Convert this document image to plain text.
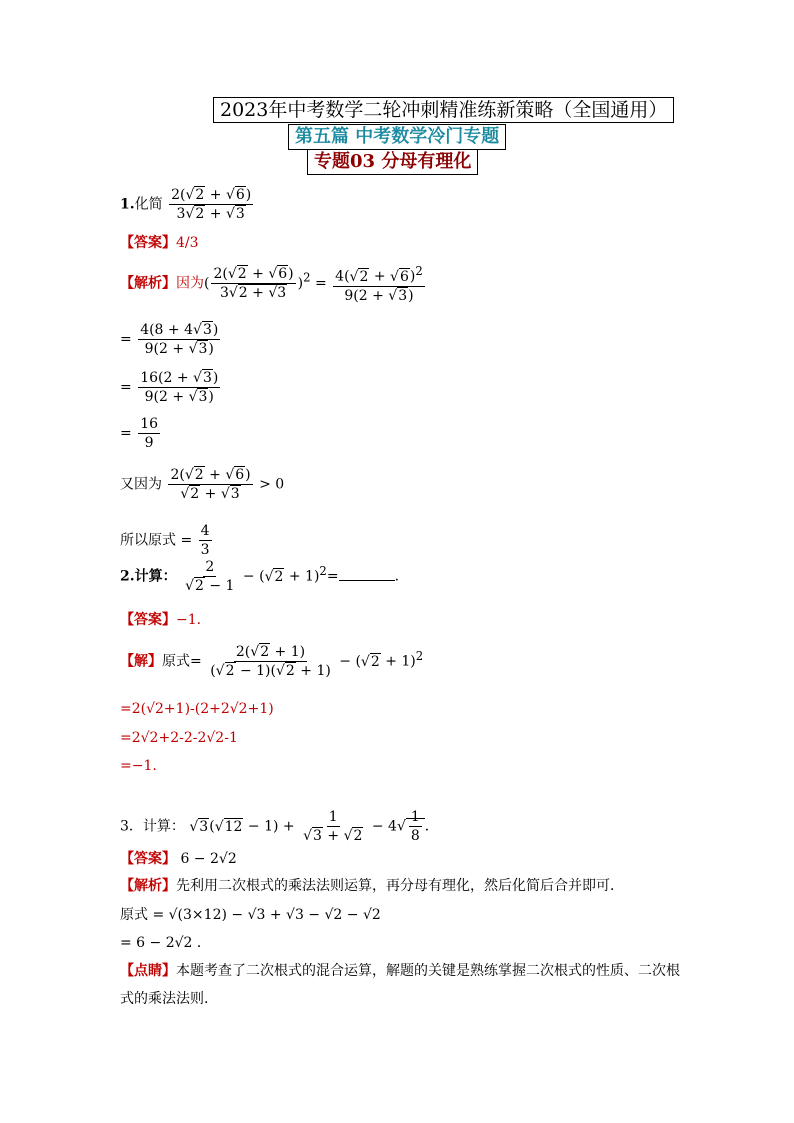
2023年中考数学二轮冲刺精准练新策略（全国通用）
第五篇 中考数学冷门专题
专题03 分母有理化
1.化简 $\frac{2(√2 + √6)}{3√2 + √3}$
【答案】4/3
【解析】因为( $\frac{2(√2 + √6)}{3√2 + √3} )^2 = \frac{4(√2 + √6)^2}{9(2 + √3)}$
= $\frac{4(8 + 4√3)}{9(2 + √3)}$
= $\frac{16(2 + √3)}{9(2 + √3)}$
= $\frac{16}{9}$
又因为 $\frac{2(√2 + √6)}{√2 + √3} > 0$
所以原式 = $\frac{4}{3}$
2.计算： $\frac{2}{√2 - 1} - (√2 + 1)^2=$	.
【答案】−1.
【解】原式= $\frac{2(√2 + 1)}{(√2 - 1)(√2 + 1)} - (√2 + 1)^2$
=2(√2+1)-(2+2√2+1)
=2√2+2-2-2√2-1
=−1.
3．计算： $√3(√12 - 1) + \frac{1}{√3 + √2} - 4√ \frac{1}{8}$ ．
【答案】 6 − 2√2
【解析】先利用二次根式的乘法法则运算，再分母有理化，然后化简后合并即可．
原式 = √(3×12) − √3 + √3 − √2 − √2
= 6 − 2√2 ．
【点睛】本题考查了二次根式的混合运算，解题的关键是熟练掌握二次根式的性质、二次根式的乘法法则．
